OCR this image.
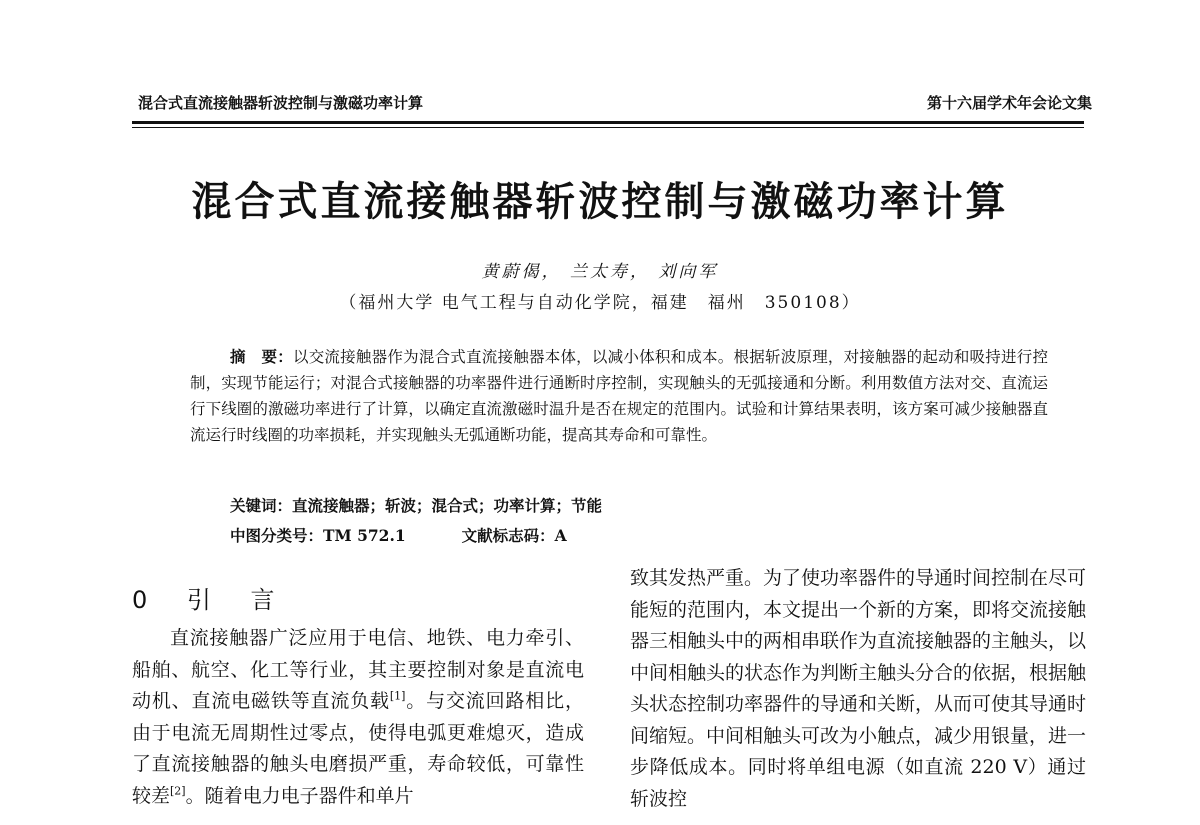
混合式直流接触器斩波控制与激磁功率计算	第十六届学术年会论文集
混合式直流接触器斩波控制与激磁功率计算
黄蔚偈， 兰太寿， 刘向军
（福州大学 电气工程与自动化学院，福建　福州　350108）
摘　要：以交流接触器作为混合式直流接触器本体，以减小体积和成本。根据斩波原理，对接触器的起动和吸持进行控制，实现节能运行；对混合式接触器的功率器件进行通断时序控制，实现触头的无弧接通和分断。利用数值方法对交、直流运行下线圈的激磁功率进行了计算，以确定直流激磁时温升是否在规定的范围内。试验和计算结果表明，该方案可减少接触器直流运行时线圈的功率损耗，并实现触头无弧通断功能，提高其寿命和可靠性。
关键词：直流接触器；斩波；混合式；功率计算；节能
中图分类号：TM 572.1	文献标志码：A
0 引 言
直流接触器广泛应用于电信、地铁、电力牵引、船舶、航空、化工等行业，其主要控制对象是直流电动机、直流电磁铁等直流负载[1]。与交流回路相比，由于电流无周期性过零点，使得电弧更难熄灭，造成了直流接触器的触头电磨损严重，寿命较低，可靠性较差[2]。随着电力电子器件和单片
致其发热严重。为了使功率器件的导通时间控制在尽可能短的范围内，本文提出一个新的方案，即将交流接触器三相触头中的两相串联作为直流接触器的主触头，以中间相触头的状态作为判断主触头分合的依据，根据触头状态控制功率器件的导通和关断，从而可使其导通时间缩短。中间相触头可改为小触点，减少用银量，进一步降低成本。同时将单组电源（如直流 220 V）通过斩波控
